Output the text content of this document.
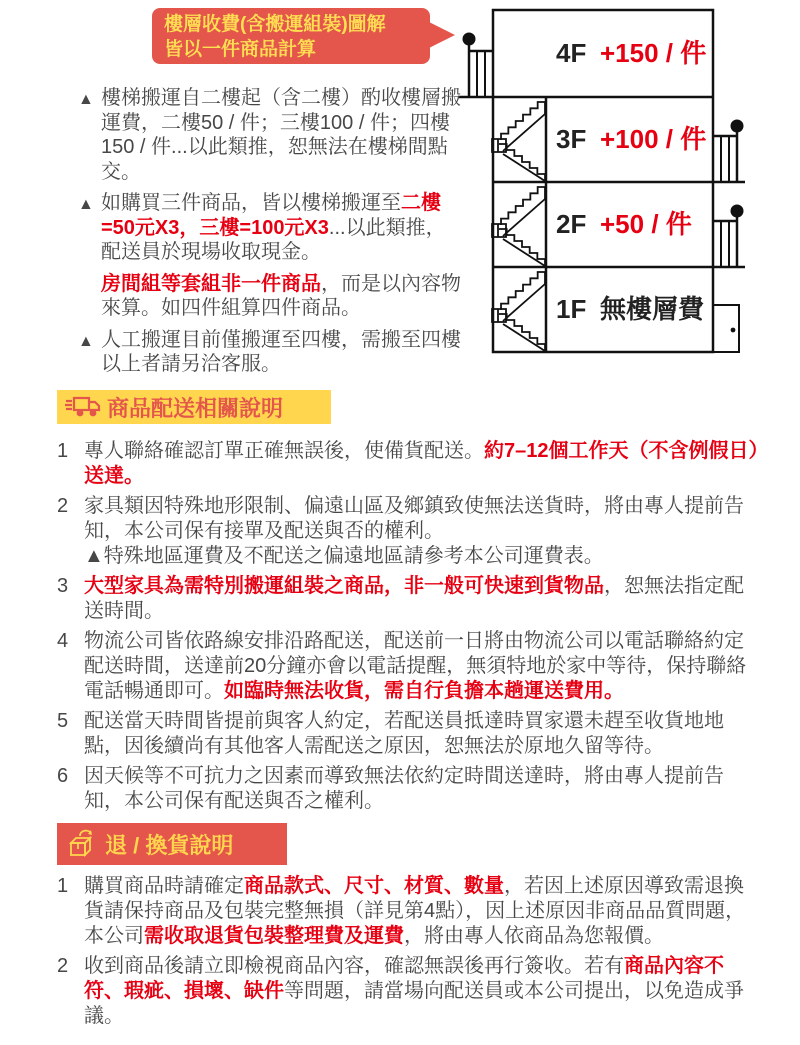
樓層收費(含搬運組裝)圖解
皆以一件商品計算	4F +150 / 件
3F +100 / 件
2F +50 / 件
1F 無樓層費
▲ 樓梯搬運自二樓起（含二樓）酌收樓層搬運費，二樓50 / 件；三樓100 / 件；四樓150 / 件...以此類推，恕無法在樓梯間點交。
▲ 如購買三件商品，皆以樓梯搬運至二樓=50元X3，三樓=100元X3...以此類推，配送員於現場收取現金。
房間組等套組非一件商品，而是以內容物來算。如四件組算四件商品。
▲ 人工搬運目前僅搬運至四樓，需搬至四樓以上者請另洽客服。
商品配送相關說明
1 專人聯絡確認訂單正確無誤後，使備貨配送。約7–12個工作天（不含例假日）送達。
2 家具類因特殊地形限制、偏遠山區及鄉鎮致使無法送貨時，將由專人提前告知，本公司保有接單及配送與否的權利。
▲特殊地區運費及不配送之偏遠地區請參考本公司運費表。
3 大型家具為需特別搬運組裝之商品，非一般可快速到貨物品，恕無法指定配送時間。
4 物流公司皆依路線安排沿路配送，配送前一日將由物流公司以電話聯絡約定配送時間，送達前20分鐘亦會以電話提醒，無須特地於家中等待，保持聯絡電話暢通即可。如臨時無法收貨，需自行負擔本趟運送費用。
5 配送當天時間皆提前與客人約定，若配送員抵達時買家還未趕至收貨地地點，因後續尚有其他客人需配送之原因，恕無法於原地久留等待。
6 因天候等不可抗力之因素而導致無法依約定時間送達時，將由專人提前告知，本公司保有配送與否之權利。
退 / 換貨說明
1 購買商品時請確定商品款式、尺寸、材質、數量，若因上述原因導致需退換貨請保持商品及包裝完整無損（詳見第4點），因上述原因非商品品質問題，本公司需收取退貨包裝整理費及運費，將由專人依商品為您報價。
2 收到商品後請立即檢視商品內容，確認無誤後再行簽收。若有商品內容不符、瑕疵、損壞、缺件等問題，請當場向配送員或本公司提出，以免造成爭議。
